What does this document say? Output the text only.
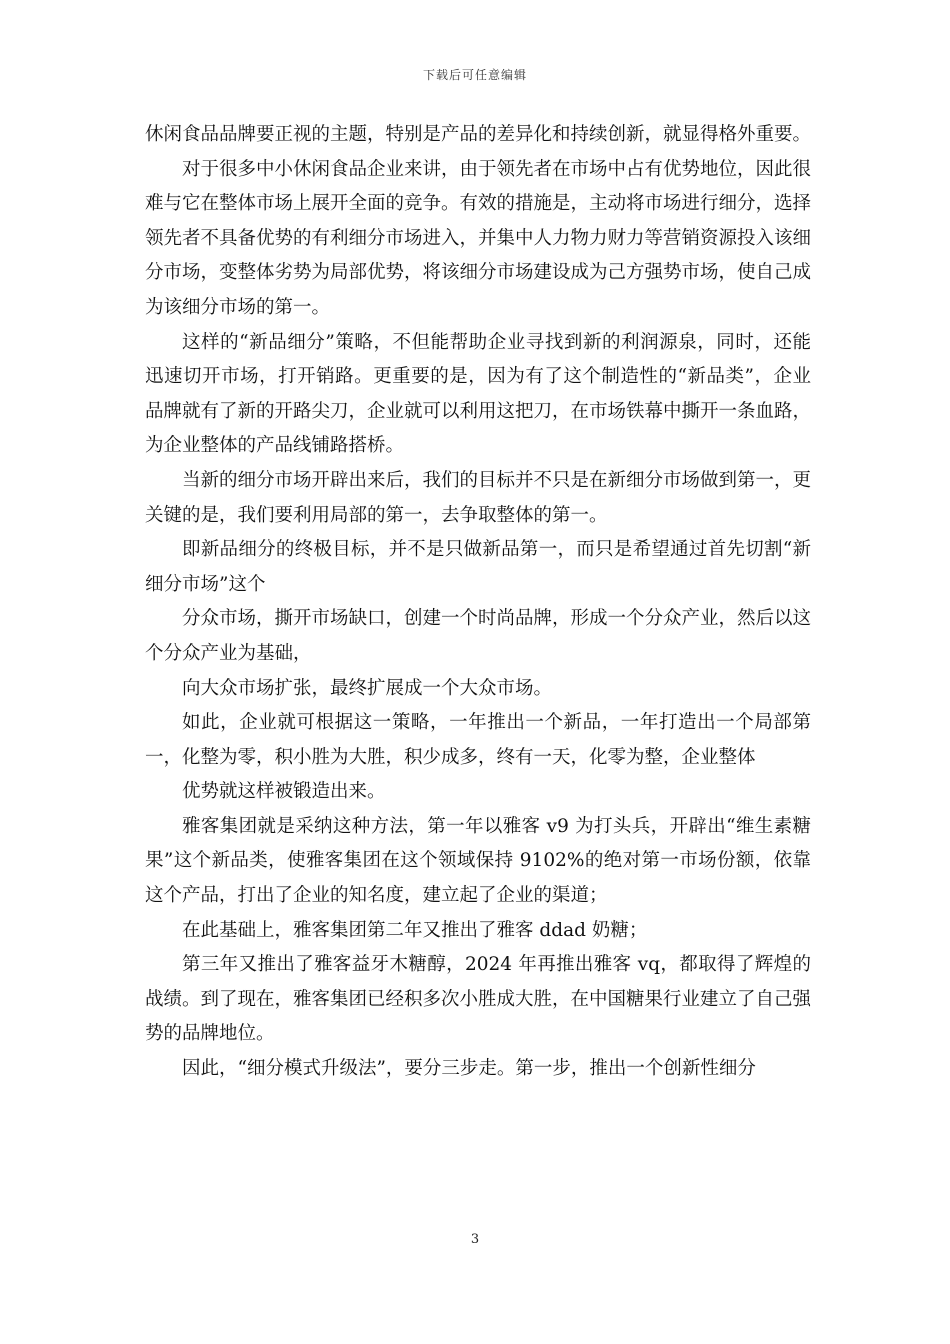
下载后可任意编辑

休闲食品品牌要正视的主题，特别是产品的差异化和持续创新，就显得格外重要。

对于很多中小休闲食品企业来讲，由于领先者在市场中占有优势地位，因此很难与它在整体市场上展开全面的竞争。有效的措施是，主动将市场进行细分，选择领先者不具备优势的有利细分市场进入，并集中人力物力财力等营销资源投入该细分市场，变整体劣势为局部优势，将该细分市场建设成为己方强势市场，使自己成为该细分市场的第一。

这样的“新品细分”策略，不但能帮助企业寻找到新的利润源泉，同时，还能迅速切开市场，打开销路。更重要的是，因为有了这个制造性的“新品类”，企业品牌就有了新的开路尖刀，企业就可以利用这把刀，在市场铁幕中撕开一条血路，为企业整体的产品线铺路搭桥。

当新的细分市场开辟出来后，我们的目标并不只是在新细分市场做到第一，更关键的是，我们要利用局部的第一，去争取整体的第一。

即新品细分的终极目标，并不是只做新品第一，而只是希望通过首先切割“新细分市场”这个

分众市场，撕开市场缺口，创建一个时尚品牌，形成一个分众产业，然后以这个分众产业为基础，

向大众市场扩张，最终扩展成一个大众市场。

如此，企业就可根据这一策略，一年推出一个新品，一年打造出一个局部第一，化整为零，积小胜为大胜，积少成多，终有一天，化零为整，企业整体

优势就这样被锻造出来。

雅客集团就是采纳这种方法，第一年以雅客 v9 为打头兵，开辟出“维生素糖果”这个新品类，使雅客集团在这个领域保持 9102%的绝对第一市场份额，依靠这个产品，打出了企业的知名度，建立起了企业的渠道；

在此基础上，雅客集团第二年又推出了雅客 ddad 奶糖；

第三年又推出了雅客益牙木糖醇，2024 年再推出雅客 vq，都取得了辉煌的战绩。到了现在，雅客集团已经积多次小胜成大胜，在中国糖果行业建立了自己强势的品牌地位。

因此，“细分模式升级法”，要分三步走。第一步，推出一个创新性细分

3
